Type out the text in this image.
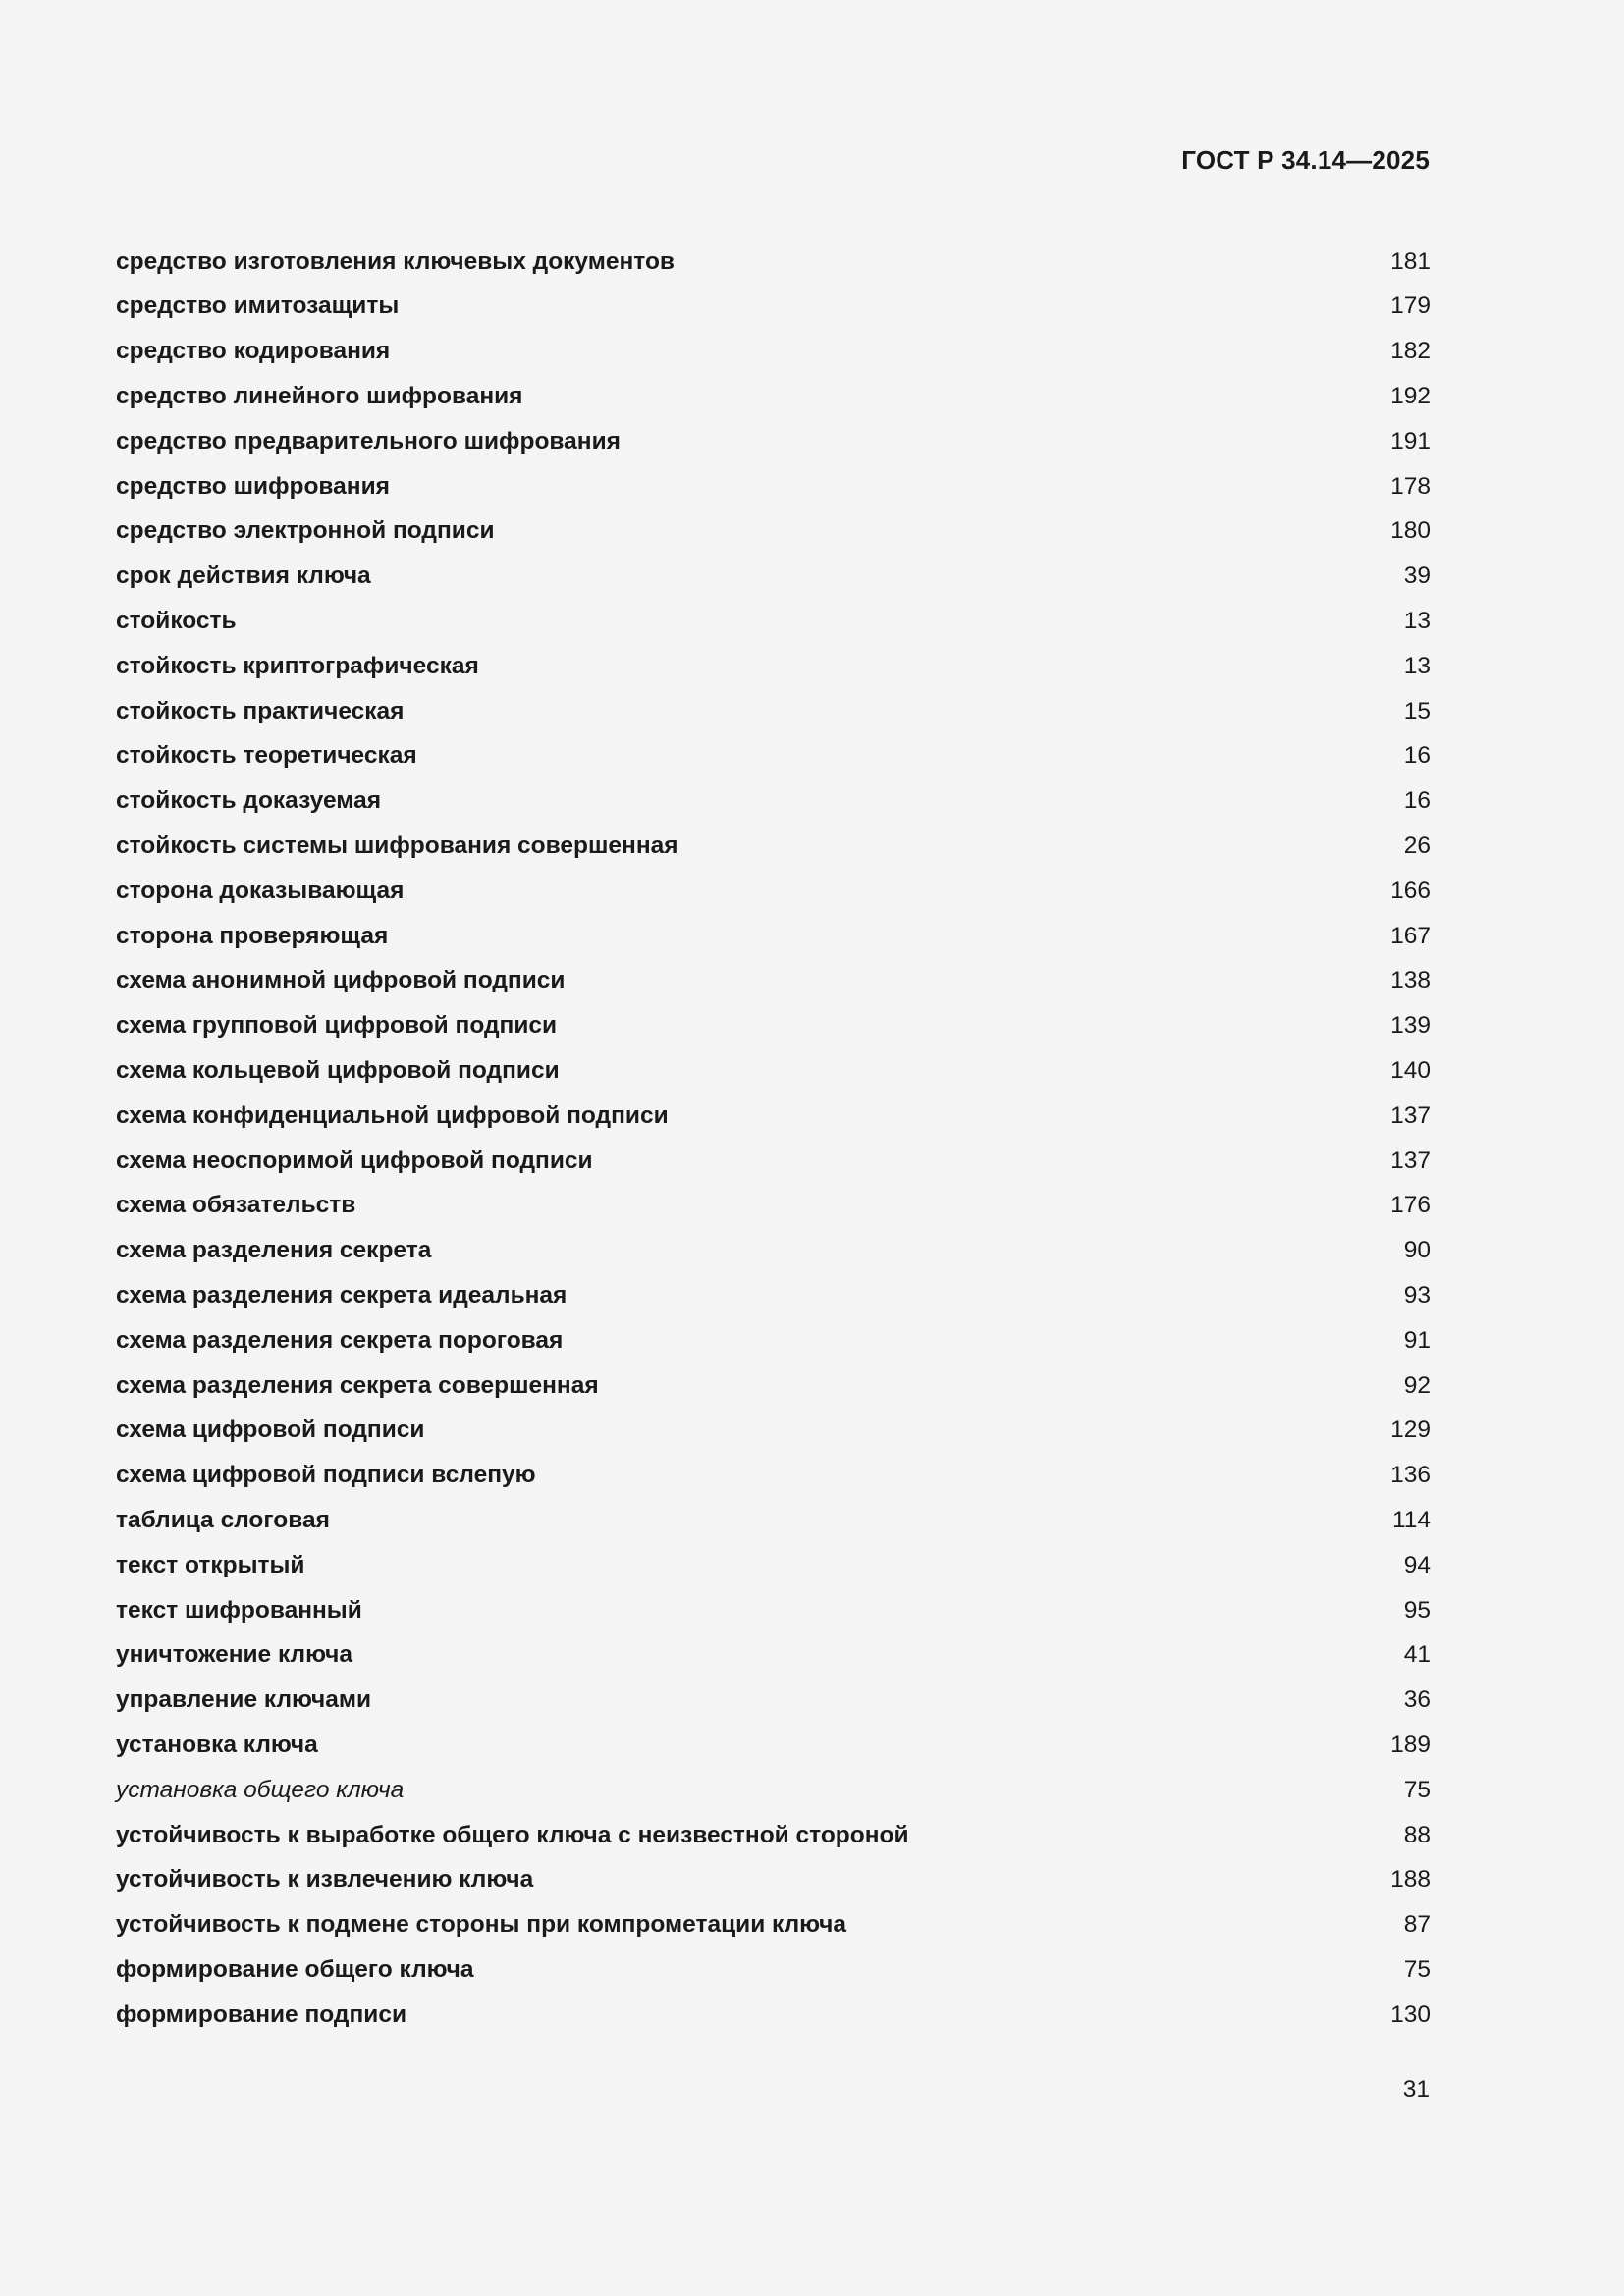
ГОСТ Р 34.14—2025
средство изготовления ключевых документов	181
средство имитозащиты	179
средство кодирования	182
средство линейного шифрования	192
средство предварительного шифрования	191
средство шифрования	178
средство электронной подписи	180
срок действия ключа	39
стойкость	13
стойкость криптографическая	13
стойкость практическая	15
стойкость теоретическая	16
стойкость доказуемая	16
стойкость системы шифрования совершенная	26
сторона доказывающая	166
сторона проверяющая	167
схема анонимной цифровой подписи	138
схема групповой цифровой подписи	139
схема кольцевой цифровой подписи	140
схема конфиденциальной цифровой подписи	137
схема неоспоримой цифровой подписи	137
схема обязательств	176
схема разделения секрета	90
схема разделения секрета идеальная	93
схема разделения секрета пороговая	91
схема разделения секрета совершенная	92
схема цифровой подписи	129
схема цифровой подписи вслепую	136
таблица слоговая	114
текст открытый	94
текст шифрованный	95
уничтожение ключа	41
управление ключами	36
установка ключа	189
установка общего ключа	75
устойчивость к выработке общего ключа с неизвестной стороной	88
устойчивость к извлечению ключа	188
устойчивость к подмене стороны при компрометации ключа	87
формирование общего ключа	75
формирование подписи	130
31
